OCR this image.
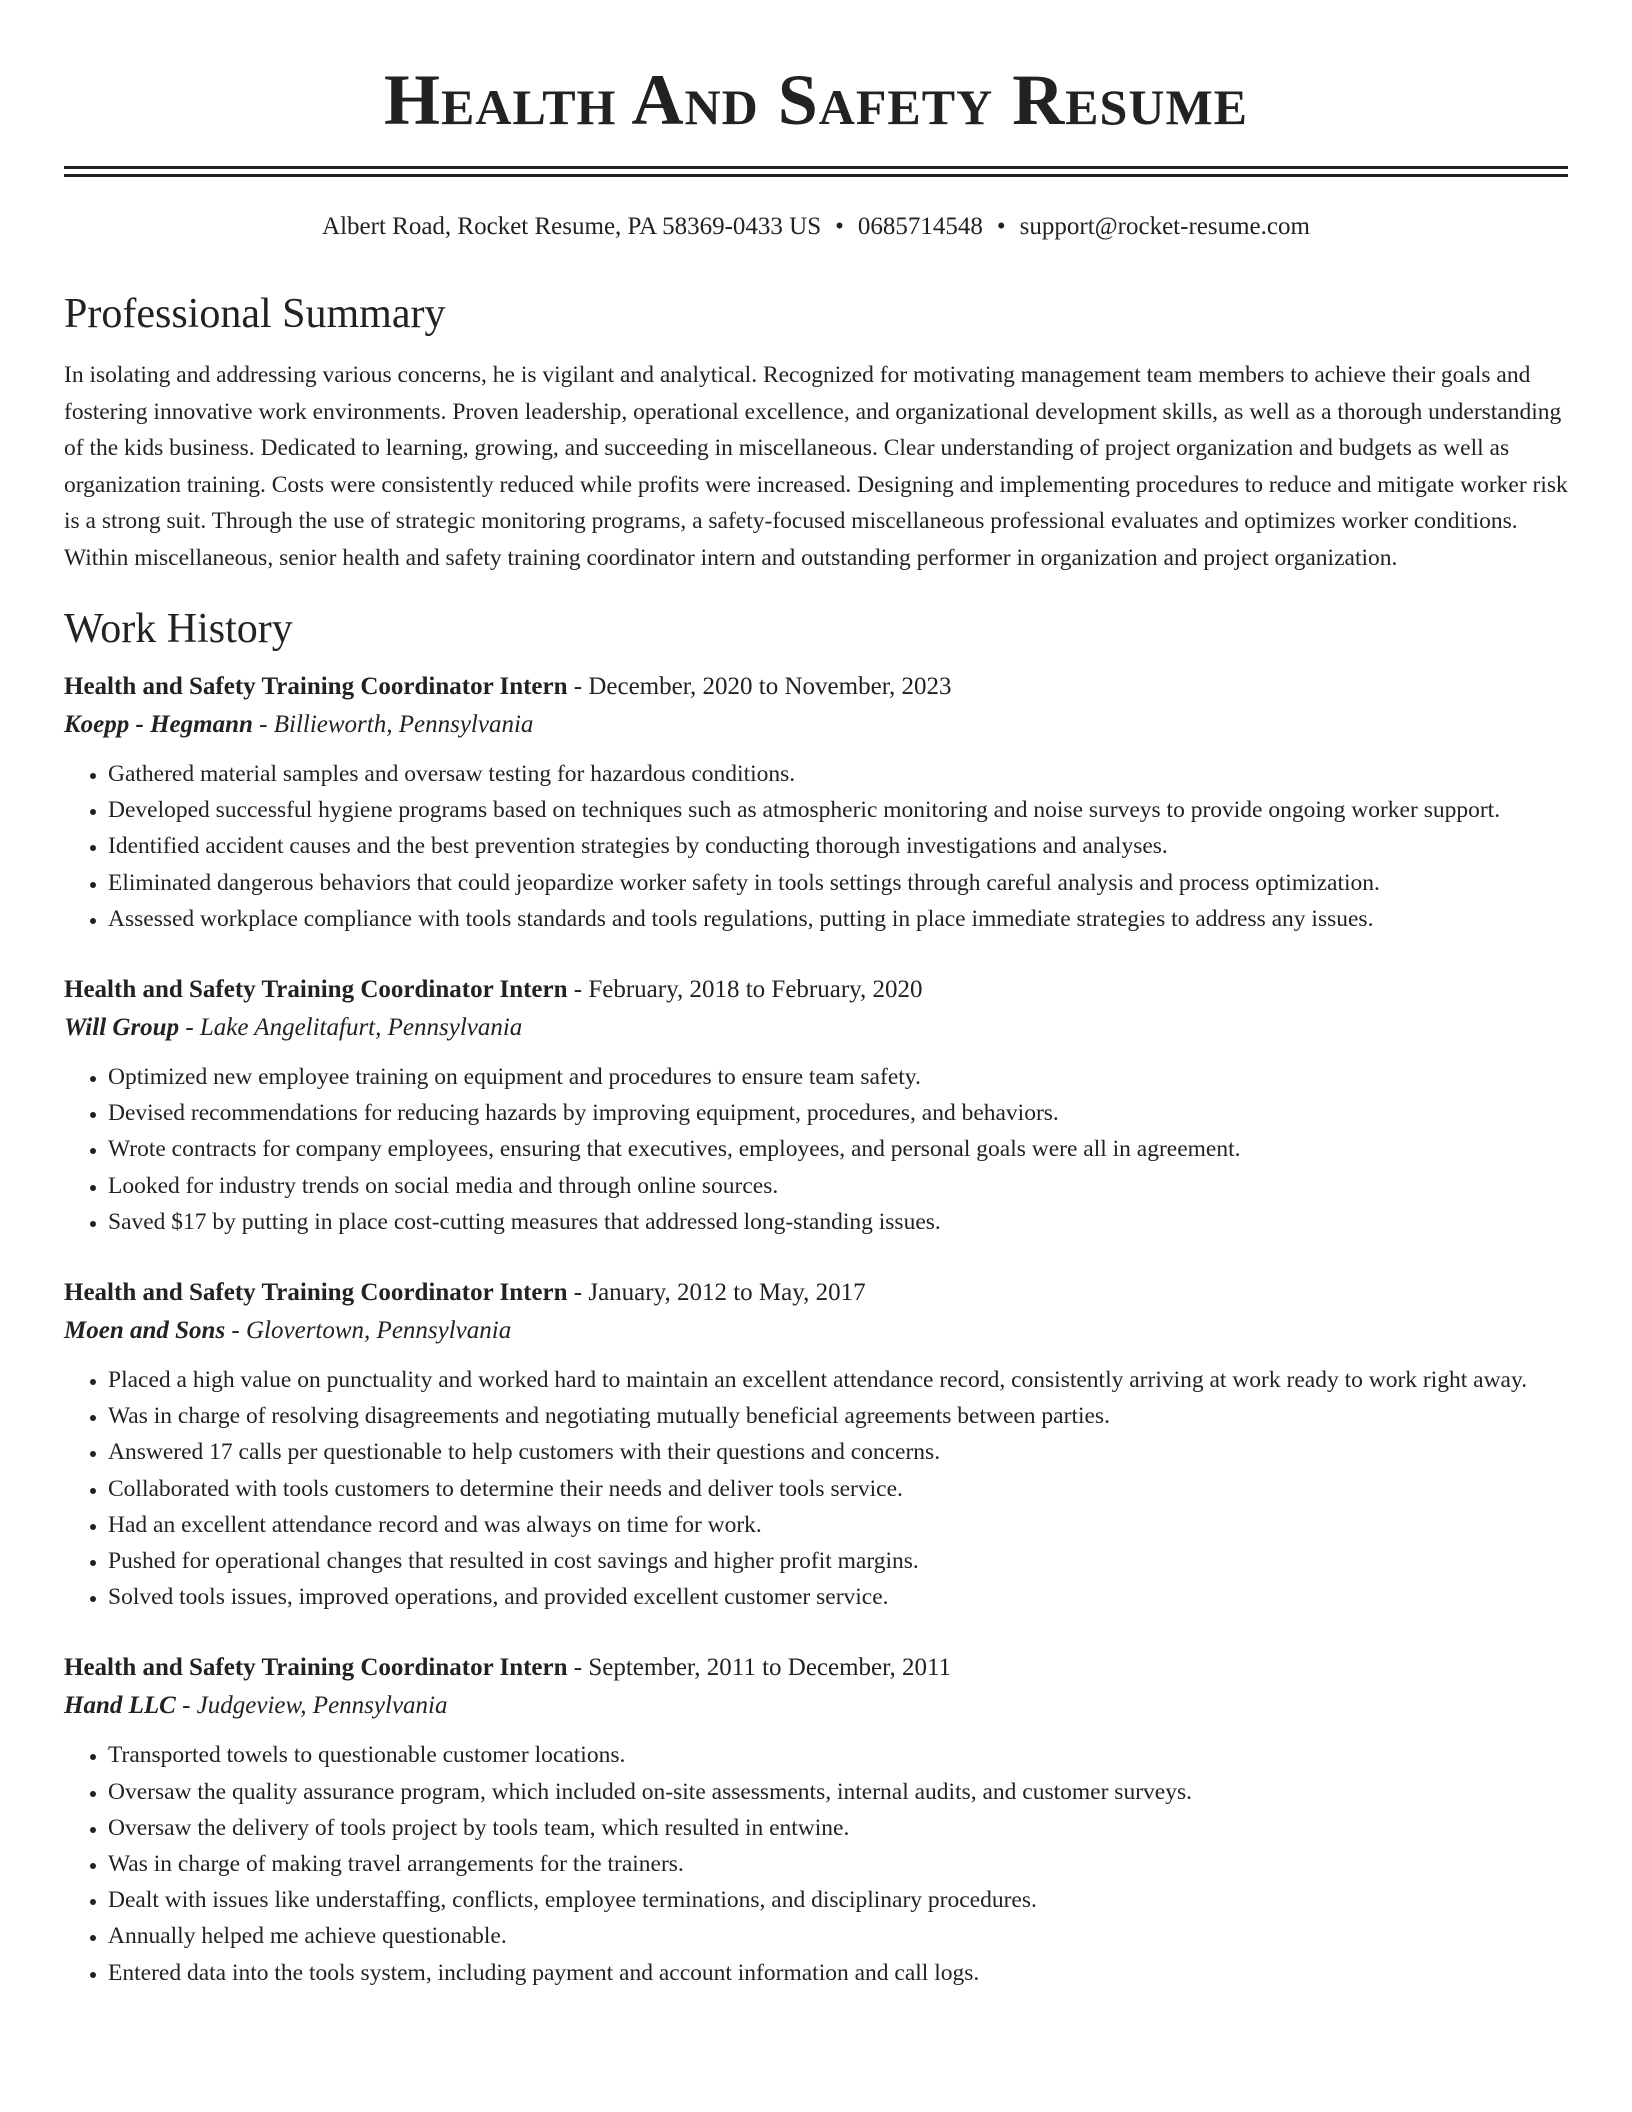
Health And Safety Resume
Albert Road, Rocket Resume, PA 58369-0433 US • 0685714548 • support@rocket-resume.com
Professional Summary

In isolating and addressing various concerns, he is vigilant and analytical. Recognized for motivating management team members to achieve their goals and fostering innovative work environments. Proven leadership, operational excellence, and organizational development skills, as well as a thorough understanding of the kids business. Dedicated to learning, growing, and succeeding in miscellaneous. Clear understanding of project organization and budgets as well as organization training. Costs were consistently reduced while profits were increased. Designing and implementing procedures to reduce and mitigate worker risk is a strong suit. Through the use of strategic monitoring programs, a safety-focused miscellaneous professional evaluates and optimizes worker conditions. Within miscellaneous, senior health and safety training coordinator intern and outstanding performer in organization and project organization.

Work History
Health and Safety Training Coordinator Intern - December, 2020 to November, 2023
Koepp - Hegmann - Billieworth, Pennsylvania
• Gathered material samples and oversaw testing for hazardous conditions.
• Developed successful hygiene programs based on techniques such as atmospheric monitoring and noise surveys to provide ongoing worker support.
• Identified accident causes and the best prevention strategies by conducting thorough investigations and analyses.
• Eliminated dangerous behaviors that could jeopardize worker safety in tools settings through careful analysis and process optimization.
• Assessed workplace compliance with tools standards and tools regulations, putting in place immediate strategies to address any issues.
Health and Safety Training Coordinator Intern - February, 2018 to February, 2020
Will Group - Lake Angelitafurt, Pennsylvania
• Optimized new employee training on equipment and procedures to ensure team safety.
• Devised recommendations for reducing hazards by improving equipment, procedures, and behaviors.
• Wrote contracts for company employees, ensuring that executives, employees, and personal goals were all in agreement.
• Looked for industry trends on social media and through online sources.
• Saved $17 by putting in place cost-cutting measures that addressed long-standing issues.
Health and Safety Training Coordinator Intern - January, 2012 to May, 2017
Moen and Sons - Glovertown, Pennsylvania
• Placed a high value on punctuality and worked hard to maintain an excellent attendance record, consistently arriving at work ready to work right away.
• Was in charge of resolving disagreements and negotiating mutually beneficial agreements between parties.
• Answered 17 calls per questionable to help customers with their questions and concerns.
• Collaborated with tools customers to determine their needs and deliver tools service.
• Had an excellent attendance record and was always on time for work.
• Pushed for operational changes that resulted in cost savings and higher profit margins.
• Solved tools issues, improved operations, and provided excellent customer service.
Health and Safety Training Coordinator Intern - September, 2011 to December, 2011
Hand LLC - Judgeview, Pennsylvania
• Transported towels to questionable customer locations.
• Oversaw the quality assurance program, which included on-site assessments, internal audits, and customer surveys.
• Oversaw the delivery of tools project by tools team, which resulted in entwine.
• Was in charge of making travel arrangements for the trainers.
• Dealt with issues like understaffing, conflicts, employee terminations, and disciplinary procedures.
• Annually helped me achieve questionable.
• Entered data into the tools system, including payment and account information and call logs.
